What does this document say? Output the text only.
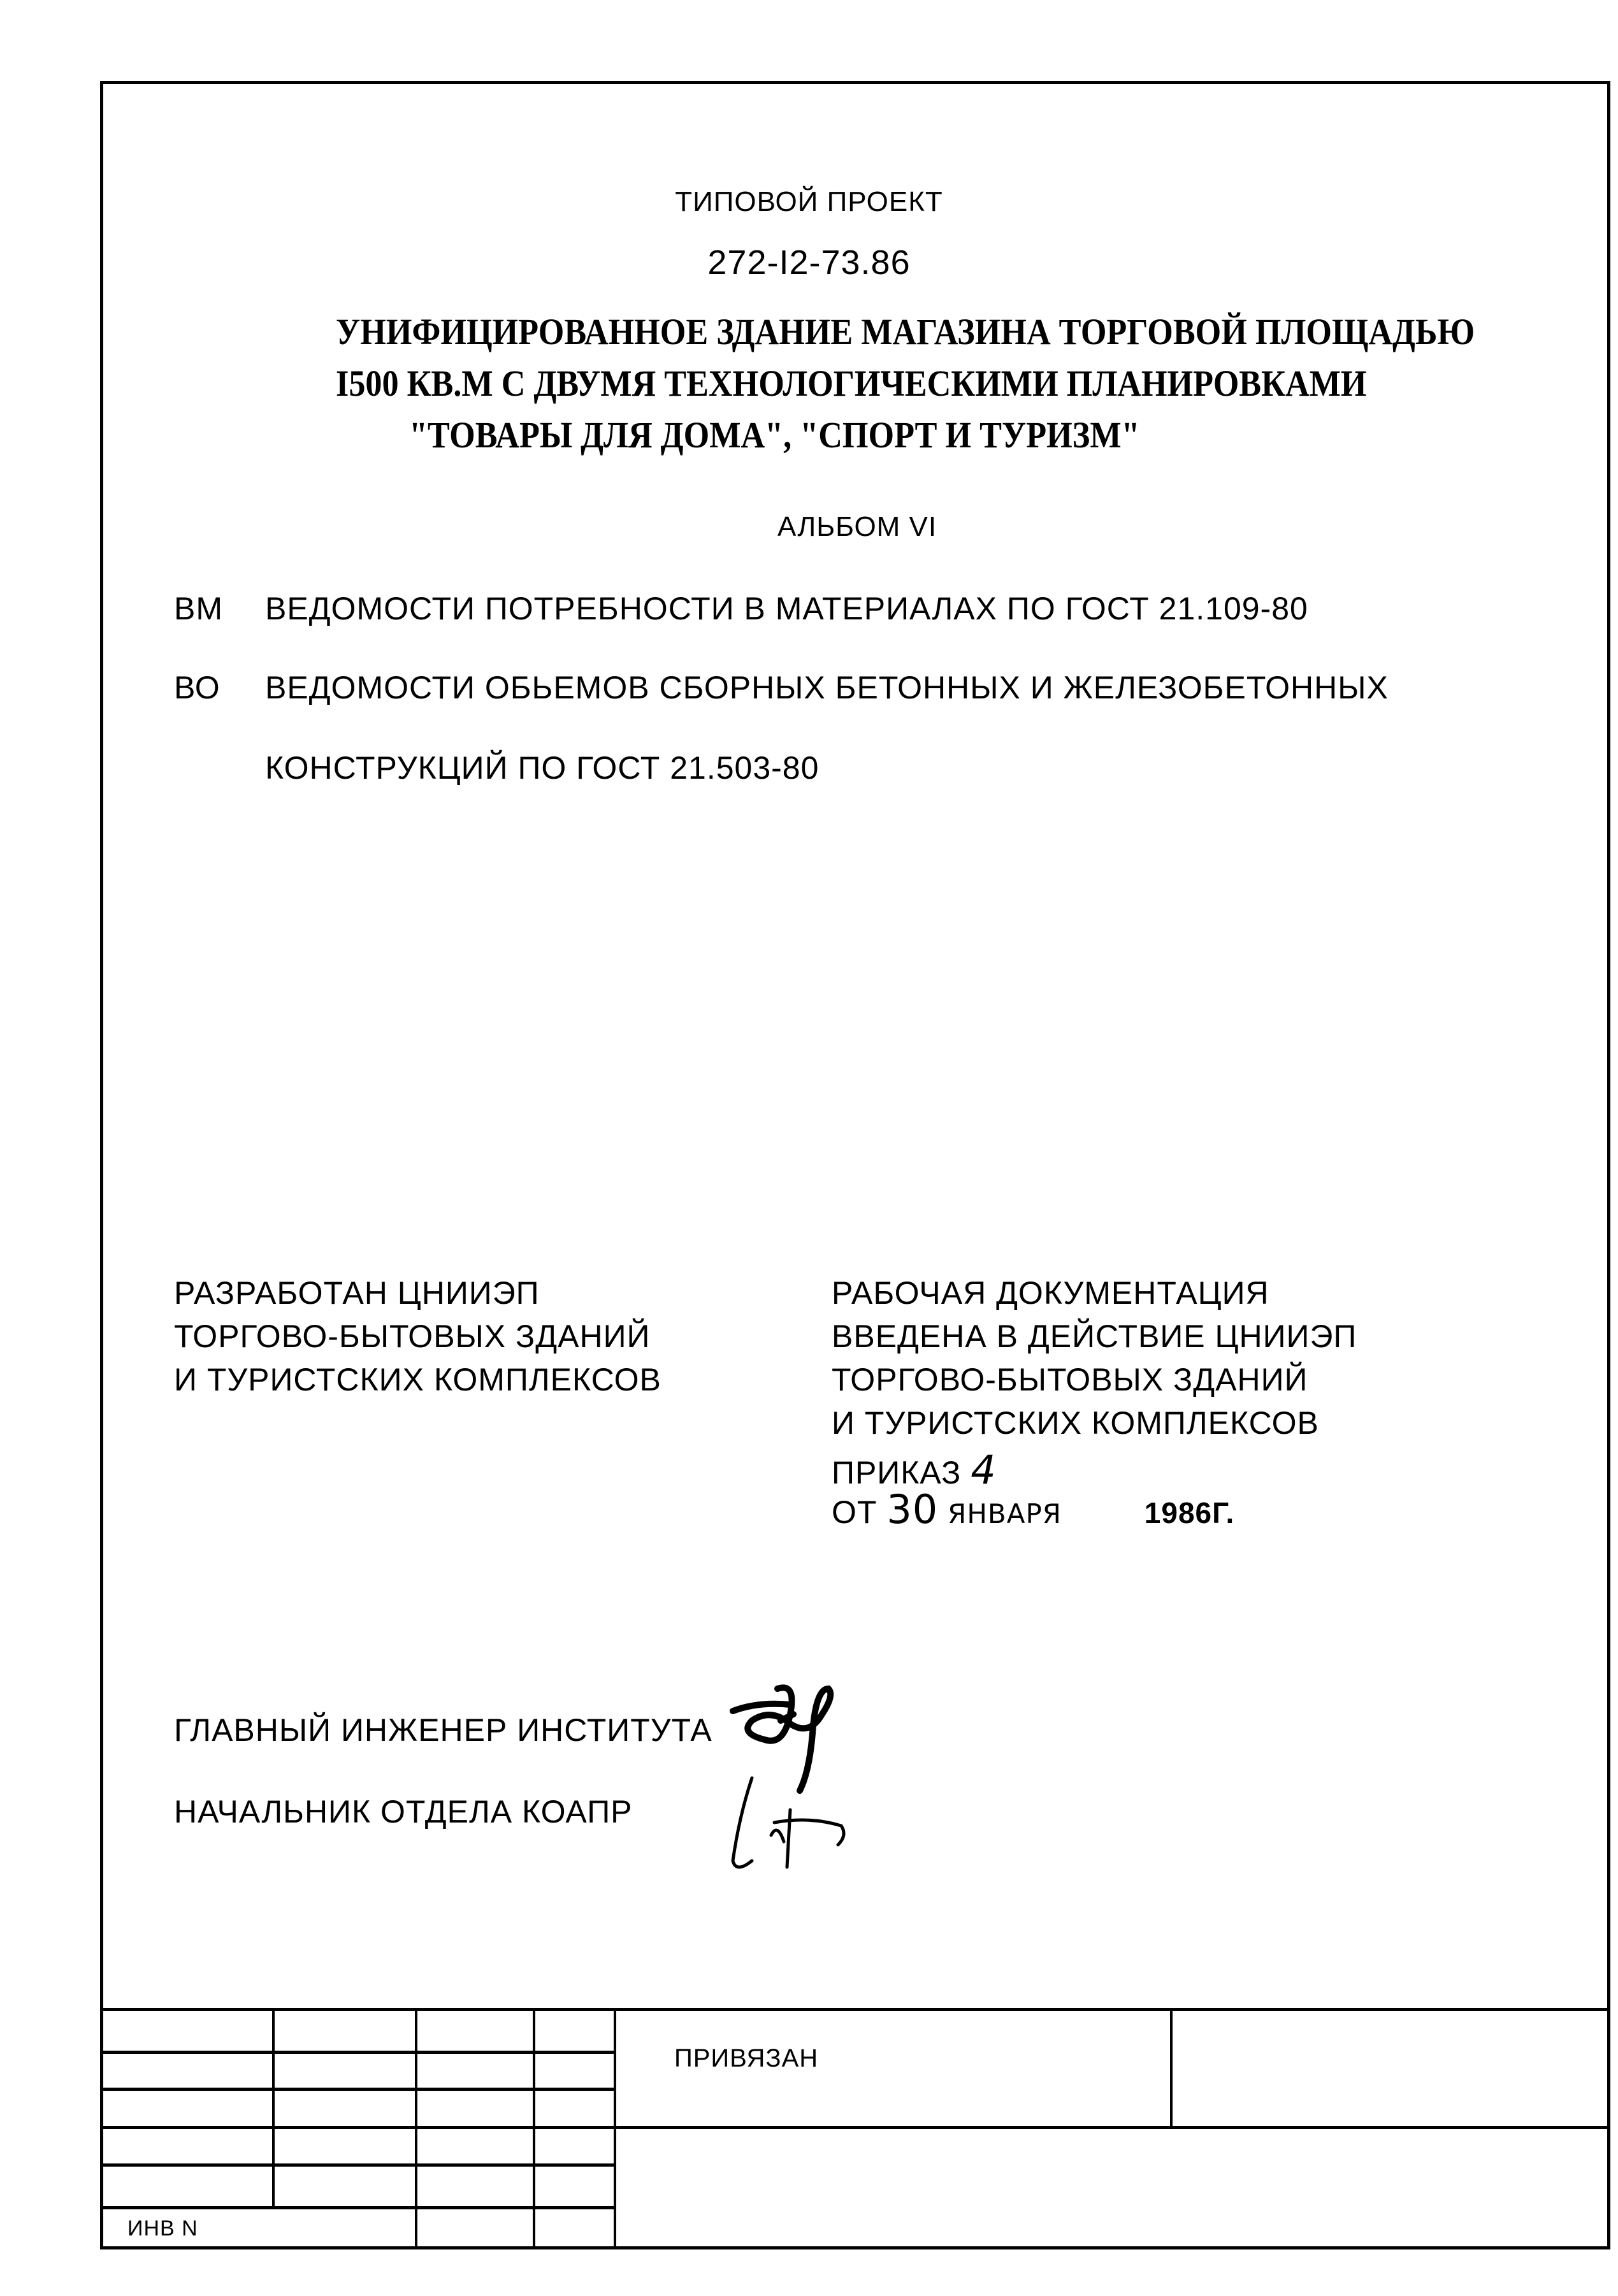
ТИПОВОЙ ПРОЕКТ
272-I2-73.86
УНИФИЦИРОВАННОЕ ЗДАНИЕ МАГАЗИНА ТОРГОВОЙ ПЛОЩАДЬЮ
I500 КВ.М С ДВУМЯ ТЕХНОЛОГИЧЕСКИМИ ПЛАНИРОВКАМИ
"ТОВАРЫ ДЛЯ ДОМА", "СПОРТ И ТУРИЗМ"
АЛЬБОМ VI
ВМ ВЕДОМОСТИ ПОТРЕБНОСТИ В МАТЕРИАЛАХ ПО ГОСТ 21.109-80
ВО ВЕДОМОСТИ ОБЬЕМОВ СБОРНЫХ БЕТОННЫХ И ЖЕЛЕЗОБЕТОННЫХ
КОНСТРУКЦИЙ ПО ГОСТ 21.503-80
РАЗРАБОТАН ЦНИИЭП
ТОРГОВО-БЫТОВЫХ ЗДАНИЙ
И ТУРИСТСКИХ КОМПЛЕКСОВ
РАБОЧАЯ ДОКУМЕНТАЦИЯ
ВВЕДЕНА В ДЕЙСТВИЕ ЦНИИЭП
ТОРГОВО-БЫТОВЫХ ЗДАНИЙ
И ТУРИСТСКИХ КОМПЛЕКСОВ
ПРИКАЗ 4
ОТ 30 ЯНВАРЯ	1986Г.
ГЛАВНЫЙ ИНЖЕНЕР ИНСТИТУТА
НАЧАЛЬНИК ОТДЕЛА КОАПР
ПРИВЯЗАН
ИНВ N
